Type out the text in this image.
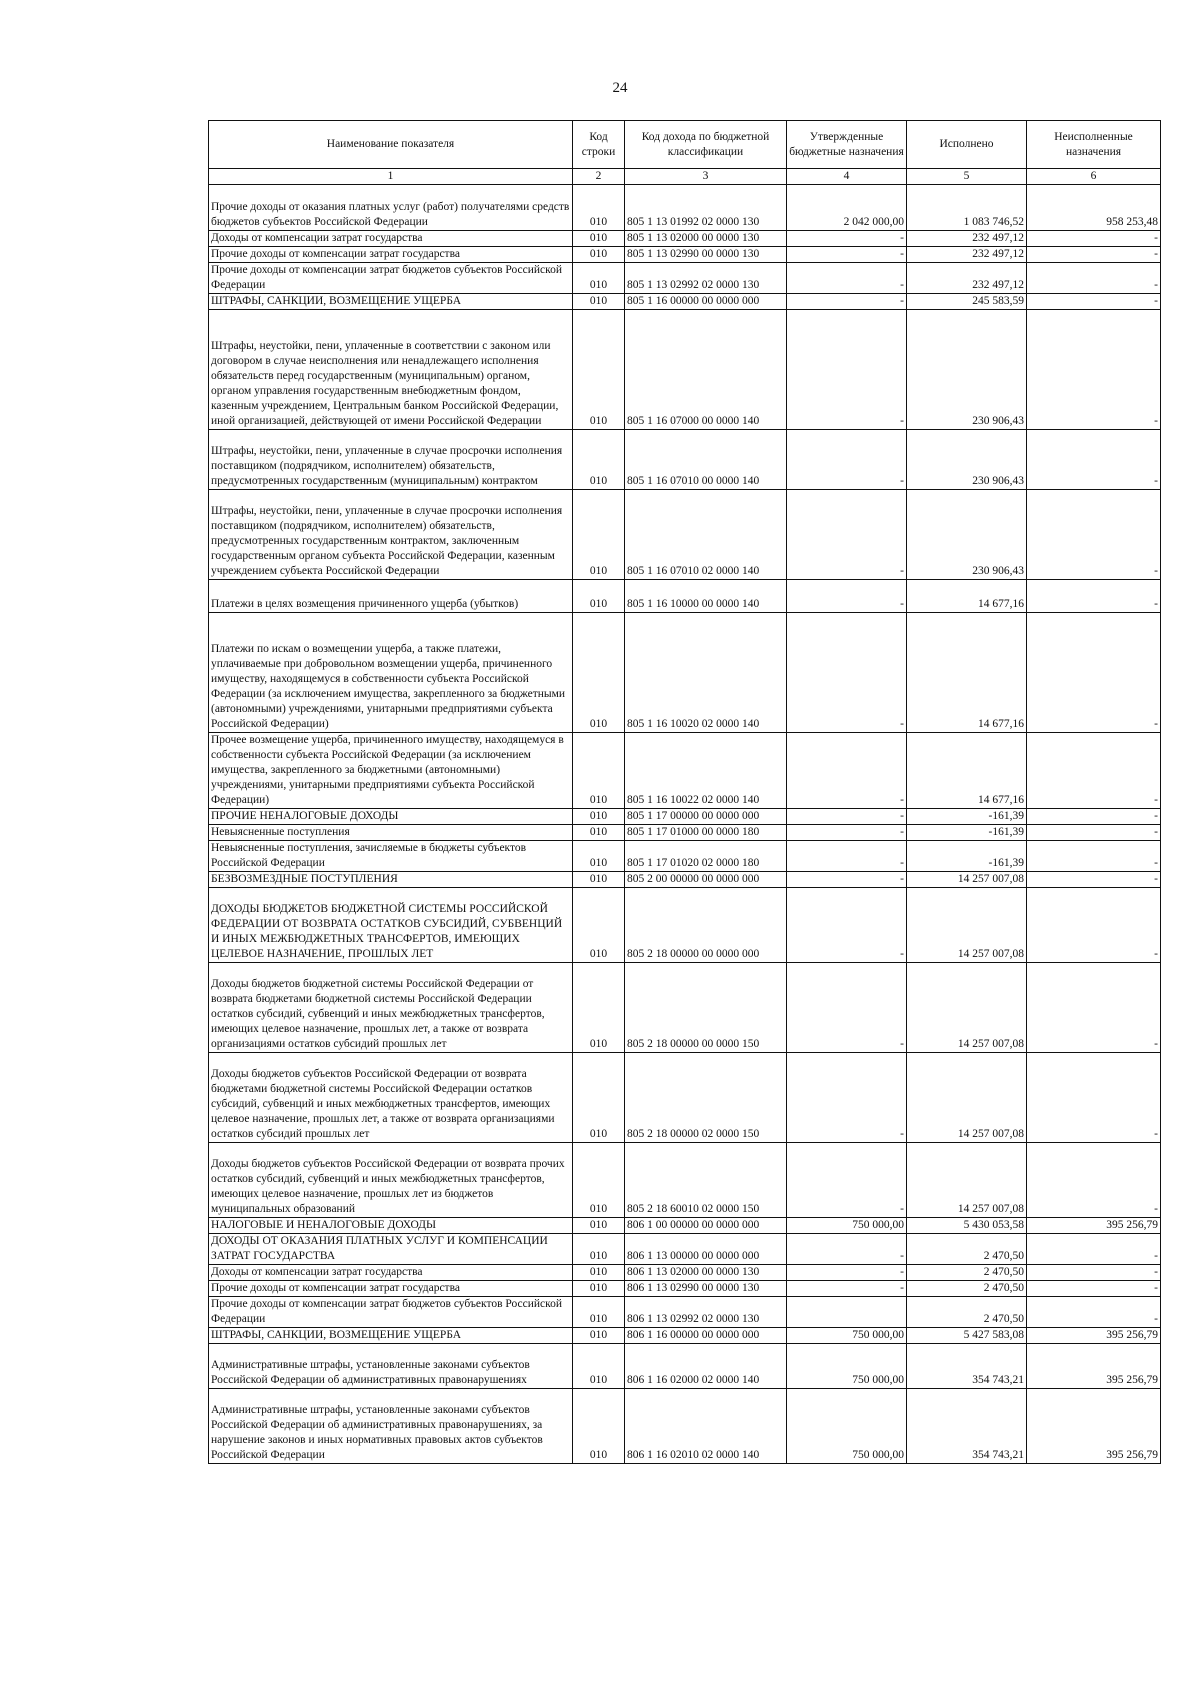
24
Наименование показателя	Код строки	Код дохода по бюджетной классификации	Утвержденные бюджетные назначения	Исполнено	Неисполненные назначения
1	2	3	4	5	6
Прочие доходы от оказания платных услуг (работ) получателями средств бюджетов субъектов Российской Федерации	010	805 1 13 01992 02 0000 130	2 042 000,00	1 083 746,52	958 253,48
Доходы от компенсации затрат государства	010	805 1 13 02000 00 0000 130	-	232 497,12	-
Прочие доходы от компенсации затрат государства	010	805 1 13 02990 00 0000 130	-	232 497,12	-
Прочие доходы от компенсации затрат бюджетов субъектов Российской Федерации	010	805 1 13 02992 02 0000 130	-	232 497,12	-
ШТРАФЫ, САНКЦИИ, ВОЗМЕЩЕНИЕ УЩЕРБА	010	805 1 16 00000 00 0000 000	-	245 583,59	-
Штрафы, неустойки, пени, уплаченные в соответствии с законом или договором в случае неисполнения или ненадлежащего исполнения обязательств перед государственным (муниципальным) органом, органом управления государственным внебюджетным фондом, казенным учреждением, Центральным банком Российской Федерации, иной организацией, действующей от имени Российской Федерации	010	805 1 16 07000 00 0000 140	-	230 906,43	-
Штрафы, неустойки, пени, уплаченные в случае просрочки исполнения поставщиком (подрядчиком, исполнителем) обязательств, предусмотренных государственным (муниципальным) контрактом	010	805 1 16 07010 00 0000 140	-	230 906,43	-
Штрафы, неустойки, пени, уплаченные в случае просрочки исполнения поставщиком (подрядчиком, исполнителем) обязательств, предусмотренных государственным контрактом, заключенным государственным органом субъекта Российской Федерации, казенным учреждением субъекта Российской Федерации	010	805 1 16 07010 02 0000 140	-	230 906,43	-
Платежи в целях возмещения причиненного ущерба (убытков)	010	805 1 16 10000 00 0000 140	-	14 677,16	-
Платежи по искам о возмещении ущерба, а также платежи, уплачиваемые при добровольном возмещении ущерба, причиненного имуществу, находящемуся в собственности субъекта Российской Федерации (за исключением имущества, закрепленного за бюджетными (автономными) учреждениями, унитарными предприятиями субъекта Российской Федерации)	010	805 1 16 10020 02 0000 140	-	14 677,16	-
Прочее возмещение ущерба, причиненного имуществу, находящемуся в собственности субъекта Российской Федерации (за исключением имущества, закрепленного за бюджетными (автономными) учреждениями, унитарными предприятиями субъекта Российской Федерации)	010	805 1 16 10022 02 0000 140	-	14 677,16	-
ПРОЧИЕ НЕНАЛОГОВЫЕ ДОХОДЫ	010	805 1 17 00000 00 0000 000	-	-161,39	-
Невыясненные поступления	010	805 1 17 01000 00 0000 180	-	-161,39	-
Невыясненные поступления, зачисляемые в бюджеты субъектов Российской Федерации	010	805 1 17 01020 02 0000 180	-	-161,39	-
БЕЗВОЗМЕЗДНЫЕ ПОСТУПЛЕНИЯ	010	805 2 00 00000 00 0000 000	-	14 257 007,08	-
ДОХОДЫ БЮДЖЕТОВ БЮДЖЕТНОЙ СИСТЕМЫ РОССИЙСКОЙ ФЕДЕРАЦИИ ОТ ВОЗВРАТА ОСТАТКОВ СУБСИДИЙ, СУБВЕНЦИЙ И ИНЫХ МЕЖБЮДЖЕТНЫХ ТРАНСФЕРТОВ, ИМЕЮЩИХ ЦЕЛЕВОЕ НАЗНАЧЕНИЕ, ПРОШЛЫХ ЛЕТ	010	805 2 18 00000 00 0000 000	-	14 257 007,08	-
Доходы бюджетов бюджетной системы Российской Федерации от возврата бюджетами бюджетной системы Российской Федерации остатков субсидий, субвенций и иных межбюджетных трансфертов, имеющих целевое назначение, прошлых лет, а также от возврата организациями остатков субсидий прошлых лет	010	805 2 18 00000 00 0000 150	-	14 257 007,08	-
Доходы бюджетов субъектов Российской Федерации от возврата бюджетами бюджетной системы Российской Федерации остатков субсидий, субвенций и иных межбюджетных трансфертов, имеющих целевое назначение, прошлых лет, а также от возврата организациями остатков субсидий прошлых лет	010	805 2 18 00000 02 0000 150	-	14 257 007,08	-
Доходы бюджетов субъектов Российской Федерации от возврата прочих остатков субсидий, субвенций и иных межбюджетных трансфертов, имеющих целевое назначение, прошлых лет из бюджетов муниципальных образований	010	805 2 18 60010 02 0000 150	-	14 257 007,08	-
НАЛОГОВЫЕ И НЕНАЛОГОВЫЕ ДОХОДЫ	010	806 1 00 00000 00 0000 000	750 000,00	5 430 053,58	395 256,79
ДОХОДЫ ОТ ОКАЗАНИЯ ПЛАТНЫХ УСЛУГ И КОМПЕНСАЦИИ ЗАТРАТ ГОСУДАРСТВА	010	806 1 13 00000 00 0000 000	-	2 470,50	-
Доходы от компенсации затрат государства	010	806 1 13 02000 00 0000 130	-	2 470,50	-
Прочие доходы от компенсации затрат государства	010	806 1 13 02990 00 0000 130	-	2 470,50	-
Прочие доходы от компенсации затрат бюджетов субъектов Российской Федерации	010	806 1 13 02992 02 0000 130		2 470,50	-
ШТРАФЫ, САНКЦИИ, ВОЗМЕЩЕНИЕ УЩЕРБА	010	806 1 16 00000 00 0000 000	750 000,00	5 427 583,08	395 256,79
Административные штрафы, установленные законами субъектов Российской Федерации об административных правонарушениях	010	806 1 16 02000 02 0000 140	750 000,00	354 743,21	395 256,79
Административные штрафы, установленные законами субъектов Российской Федерации об административных правонарушениях, за нарушение законов и иных нормативных правовых актов субъектов Российской Федерации	010	806 1 16 02010 02 0000 140	750 000,00	354 743,21	395 256,79
